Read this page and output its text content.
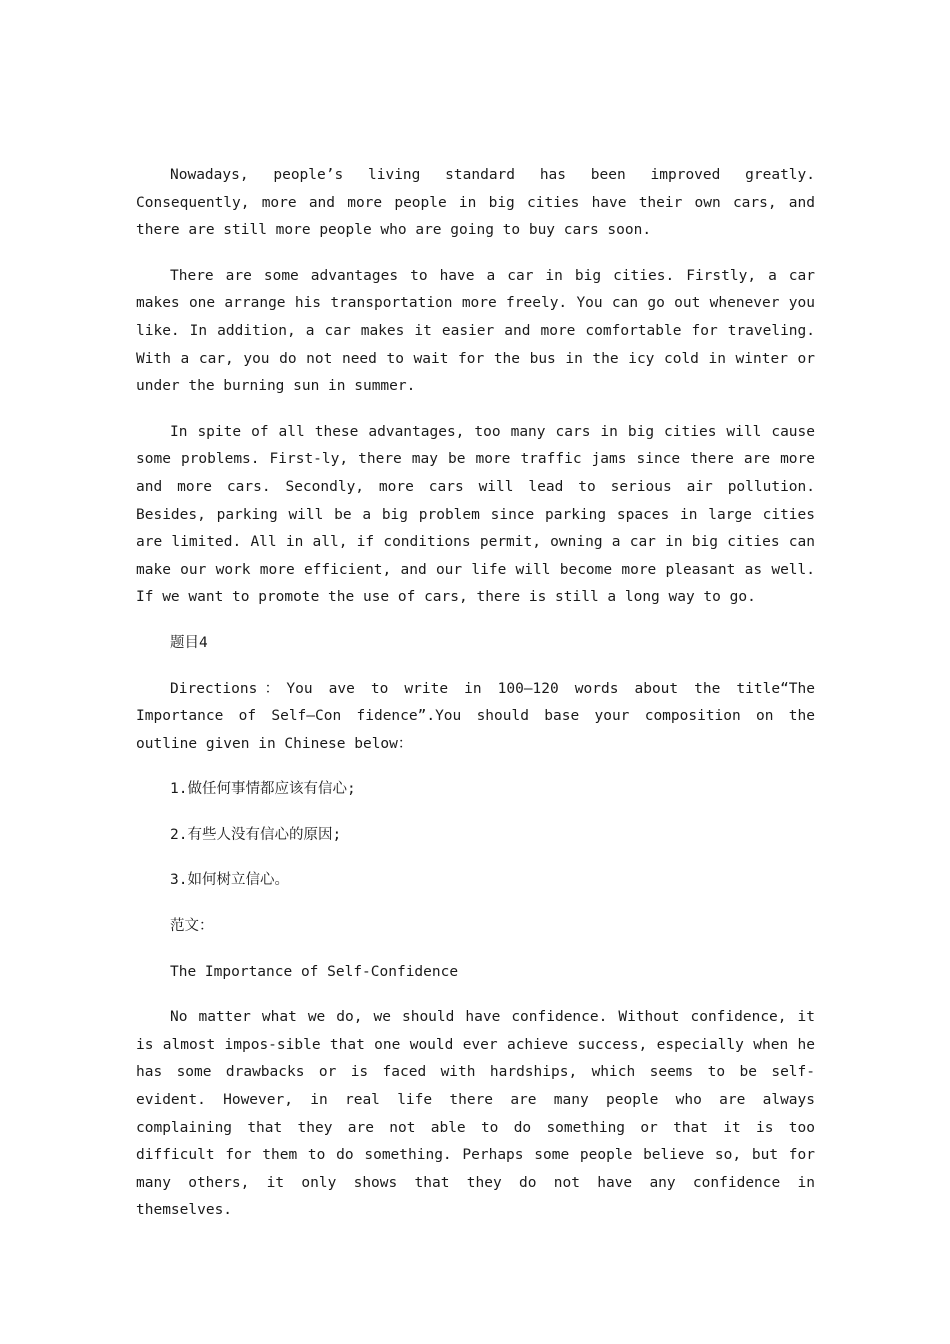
Nowadays, people’s living standard has been improved greatly. Consequently, more and more people in big cities have their own cars, and there are still more people who are going to buy cars soon.

There are some advantages to have a car in big cities. Firstly, a car makes one arrange his transportation more freely. You can go out whenever you like. In addition, a car makes it easier and more comfortable for traveling. With a car, you do not need to wait for the bus in the icy cold in winter or under the burning sun in summer.

In spite of all these advantages, too many cars in big cities will cause some problems. First-ly, there may be more traffic jams since there are more and more cars. Secondly, more cars will lead to serious air pollution. Besides, parking will be a big problem since parking spaces in large cities are limited. All in all, if conditions permit, owning a car in big cities can make our work more efficient, and our life will become more pleasant as well. If we want to promote the use of cars, there is still a long way to go.

题目4

Directions：You ave to write in 100—120 words about the title“The Importance of Self—Con fidence”.You should base your composition on the outline given in Chinese below：

1.做任何事情都应该有信心;

2.有些人没有信心的原因;

3.如何树立信心。

范文：

The Importance of Self-Confidence

No matter what we do, we should have confidence. Without confidence, it is almost impos-sible that one would ever achieve success, especially when he has some drawbacks or is faced with hardships, which seems to be self-evident. However, in real life there are many people who are always complaining that they are not able to do something or that it is too difficult for them to do something. Perhaps some people believe so, but for many others, it only shows that they do not have any confidence in themselves.
